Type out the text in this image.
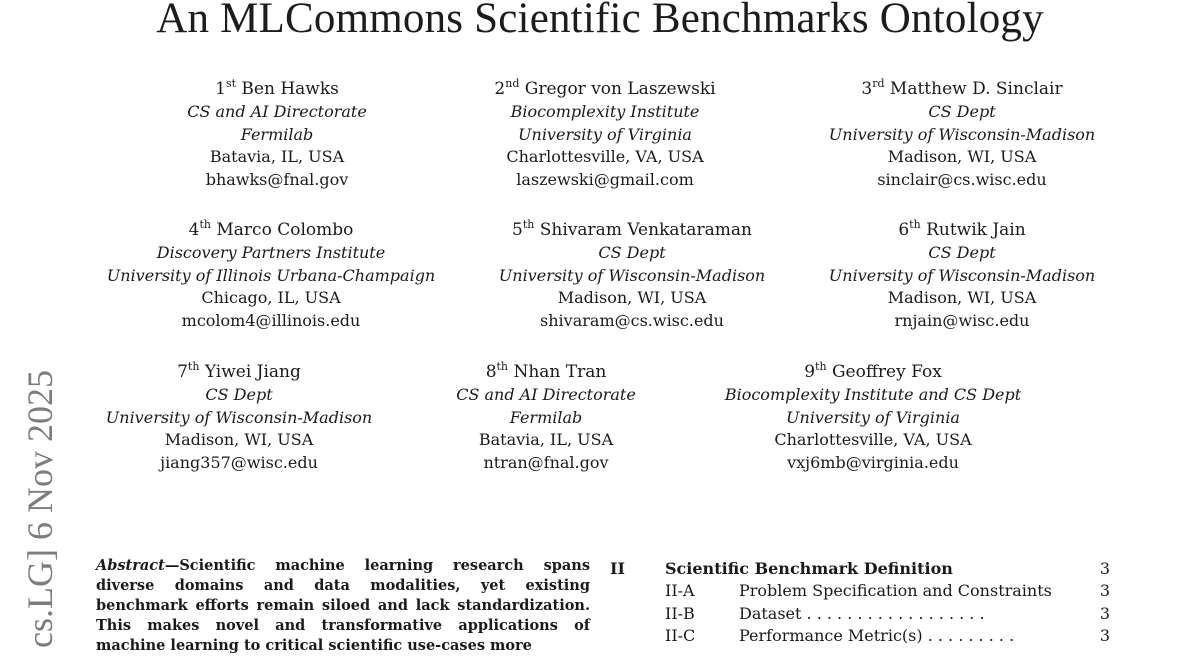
An MLCommons Scientific Benchmarks Ontology
1st Ben Hawks
CS and AI Directorate
Fermilab
Batavia, IL, USA
bhawks@fnal.gov
2nd Gregor von Laszewski
Biocomplexity Institute
University of Virginia
Charlottesville, VA, USA
laszewski@gmail.com
3rd Matthew D. Sinclair
CS Dept
University of Wisconsin-Madison
Madison, WI, USA
sinclair@cs.wisc.edu
4th Marco Colombo
Discovery Partners Institute
University of Illinois Urbana-Champaign
Chicago, IL, USA
mcolom4@illinois.edu
5th Shivaram Venkataraman
CS Dept
University of Wisconsin-Madison
Madison, WI, USA
shivaram@cs.wisc.edu
6th Rutwik Jain
CS Dept
University of Wisconsin-Madison
Madison, WI, USA
rnjain@wisc.edu
7th Yiwei Jiang
CS Dept
University of Wisconsin-Madison
Madison, WI, USA
jiang357@wisc.edu
8th Nhan Tran
CS and AI Directorate
Fermilab
Batavia, IL, USA
ntran@fnal.gov
9th Geoffrey Fox
Biocomplexity Institute and CS Dept
University of Virginia
Charlottesville, VA, USA
vxj6mb@virginia.edu
cs.LG] 6 Nov 2025	Abstract—Scientific machine learning research spans diverse domains and data modalities, yet existing benchmark efforts remain siloed and lack standardization. This makes novel and transformative applications of machine learning to critical scientific use-cases more
II	Scientific Benchmark Definition	3
II-A	Problem Specification and Constraints	3
II-B	Dataset . . . . . . . . . . . . . . . . . .	3
II-C	Performance Metric(s) . . . . . . . . .	3
